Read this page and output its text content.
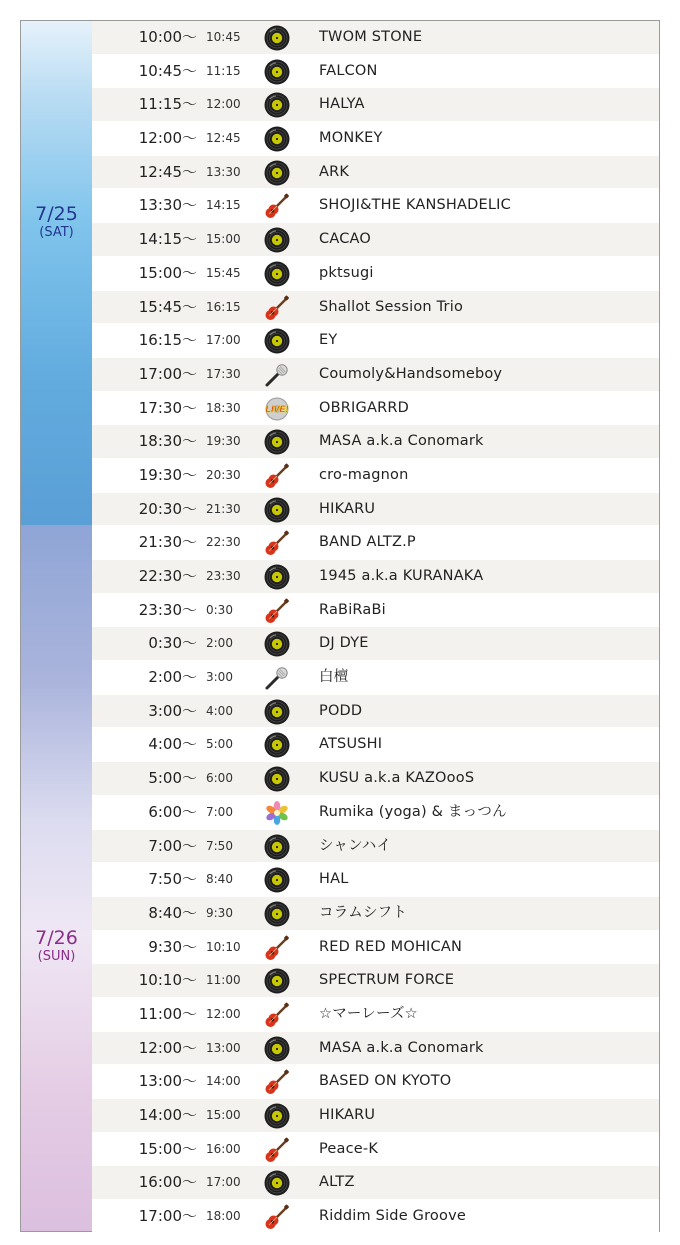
7/25
(SAT)
7/26
(SUN)
10:00〜 10:45	TWOM STONE
10:45〜 11:15	FALCON
11:15〜 12:00	HALYA
12:00〜 12:45	MONKEY
12:45〜 13:30	ARK
13:30〜 14:15	SHOJI&THE KANSHADELIC
14:15〜 15:00	CACAO
15:00〜 15:45	pktsugi
15:45〜 16:15	Shallot Session Trio
16:15〜 17:00	EY
17:00〜 17:30	Coumoly&Handsomeboy
17:30〜 18:30	LIVE! OBRIGARRD
18:30〜 19:30	MASA a.k.a Conomark
19:30〜 20:30	cro-magnon
20:30〜 21:30	HIKARU
21:30〜 22:30	BAND ALTZ.P
22:30〜 23:30	1945 a.k.a KURANAKA
23:30〜 0:30	RaBiRaBi
0:30〜 2:00	DJ DYE
2:00〜 3:00	白檀
3:00〜 4:00	PODD
4:00〜 5:00	ATSUSHI
5:00〜 6:00	KUSU a.k.a KAZOooS
6:00〜 7:00	Rumika (yoga) & まっつん
7:00〜 7:50	シャンハイ
7:50〜 8:40	HAL
8:40〜 9:30	コラムシフト
9:30〜 10:10	RED RED MOHICAN
10:10〜 11:00	SPECTRUM FORCE
11:00〜 12:00	☆マーレーズ☆
12:00〜 13:00	MASA a.k.a Conomark
13:00〜 14:00	BASED ON KYOTO
14:00〜 15:00	HIKARU
15:00〜 16:00	Peace-K
16:00〜 17:00	ALTZ
17:00〜 18:00	Riddim Side Groove
